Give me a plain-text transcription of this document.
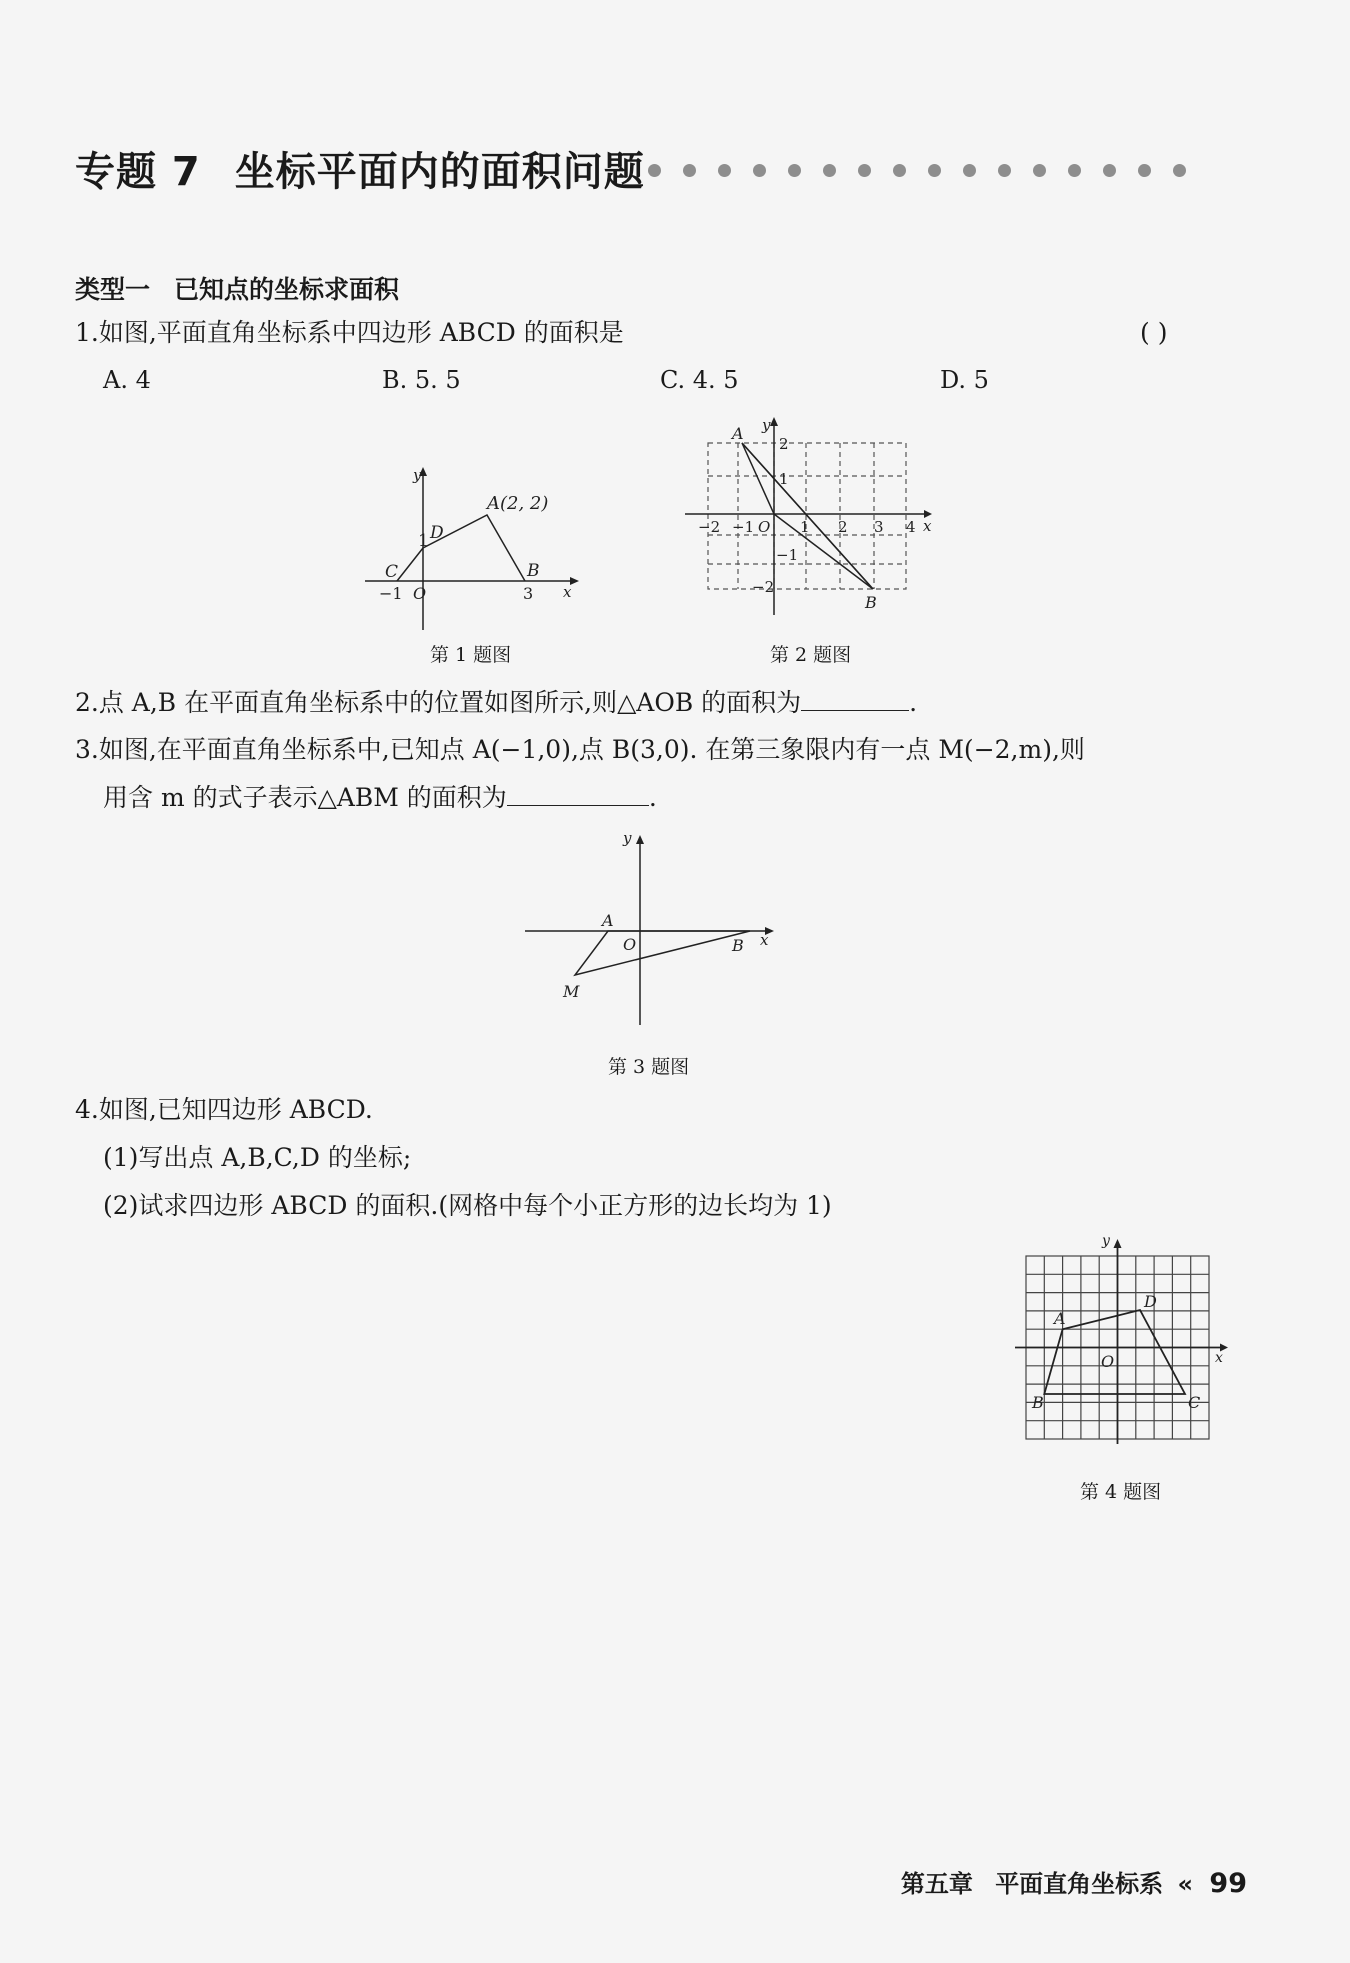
专题 7 坐标平面内的面积问题
类型一 已知点的坐标求面积
1.如图,平面直角坐标系中四边形 ABCD 的面积是	( )
A. 4	B. 5. 5	C. 4. 5	D. 5
y
x
A(2, 2)
D
1
C	B
−1 O	3
第 1 题图
y
x
A
B
O
2
1
−1
−2
1 2 3 4
−1
−2
第 2 题图
2.点 A,B 在平面直角坐标系中的位置如图所示,则△AOB 的面积为	.
3.如图,在平面直角坐标系中,已知点 A(−1,0),点 B(3,0). 在第三象限内有一点 M(−2,m),则
用含 m 的式子表示△ABM 的面积为	.
y
x
A
O	B
M
第 3 题图
4.如图,已知四边形 ABCD.
(1)写出点 A,B,C,D 的坐标;
(2)试求四边形 ABCD 的面积.(网格中每个小正方形的边长均为 1)
y
x
A
D
B	C
O
第 4 题图
第五章 平面直角坐标系 « 99
